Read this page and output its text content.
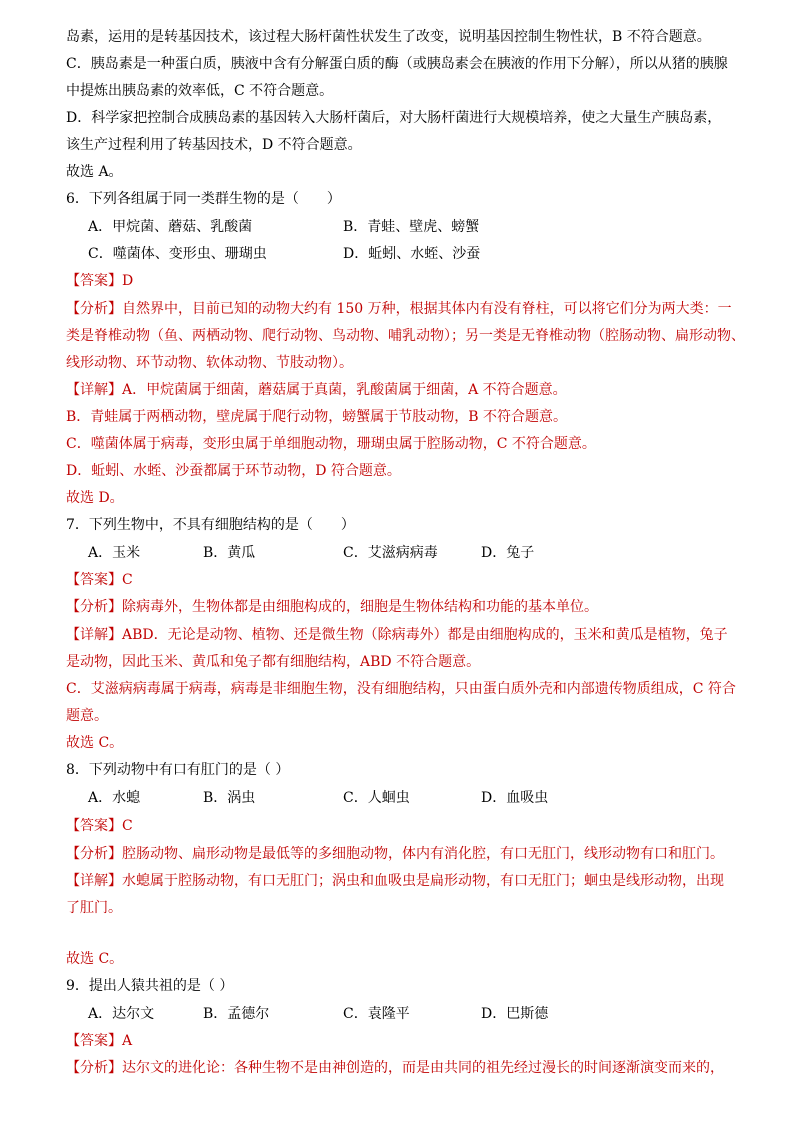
岛素，运用的是转基因技术，该过程大肠杆菌性状发生了改变，说明基因控制生物性状，B 不符合题意。
C．胰岛素是一种蛋白质，胰液中含有分解蛋白质的酶（或胰岛素会在胰液的作用下分解），所以从猪的胰腺
中提炼出胰岛素的效率低，C 不符合题意。
D．科学家把控制合成胰岛素的基因转入大肠杆菌后，对大肠杆菌进行大规模培养，使之大量生产胰岛素，
该生产过程利用了转基因技术，D 不符合题意。
故选 A。
6．下列各组属于同一类群生物的是（　　）
A．甲烷菌、蘑菇、乳酸菌	B．青蛙、壁虎、螃蟹
C．噬菌体、变形虫、珊瑚虫	D．蚯蚓、水蛭、沙蚕
【答案】D
【分析】自然界中，目前已知的动物大约有 150 万种，根据其体内有没有脊柱，可以将它们分为两大类：一
类是脊椎动物（鱼、两栖动物、爬行动物、鸟动物、哺乳动物）；另一类是无脊椎动物（腔肠动物、扁形动物、
线形动物、环节动物、软体动物、节肢动物）。
【详解】A．甲烷菌属于细菌，蘑菇属于真菌，乳酸菌属于细菌，A 不符合题意。
B．青蛙属于两栖动物，壁虎属于爬行动物，螃蟹属于节肢动物，B 不符合题意。
C．噬菌体属于病毒，变形虫属于单细胞动物，珊瑚虫属于腔肠动物，C 不符合题意。
D．蚯蚓、水蛭、沙蚕都属于环节动物，D 符合题意。
故选 D。
7．下列生物中，不具有细胞结构的是（　　）
A．玉米	B．黄瓜	C．艾滋病病毒	D．兔子
【答案】C
【分析】除病毒外，生物体都是由细胞构成的，细胞是生物体结构和功能的基本单位。
【详解】ABD．无论是动物、植物、还是微生物（除病毒外）都是由细胞构成的，玉米和黄瓜是植物，兔子
是动物，因此玉米、黄瓜和兔子都有细胞结构，ABD 不符合题意。
C．艾滋病病毒属于病毒，病毒是非细胞生物，没有细胞结构，只由蛋白质外壳和内部遗传物质组成，C 符合
题意。
故选 C。
8．下列动物中有口有肛门的是（ ）
A．水螅	B．涡虫	C．人蛔虫	D．血吸虫
【答案】C
【分析】腔肠动物、扁形动物是最低等的多细胞动物，体内有消化腔，有口无肛门，线形动物有口和肛门。
【详解】水螅属于腔肠动物，有口无肛门；涡虫和血吸虫是扁形动物，有口无肛门；蛔虫是线形动物，出现
了肛门。
故选 C。
9．提出人猿共祖的是（ ）
A．达尔文	B．孟德尔	C．袁隆平	D．巴斯德
【答案】A
【分析】达尔文的进化论：各种生物不是由神创造的，而是由共同的祖先经过漫长的时间逐渐演变而来的，
